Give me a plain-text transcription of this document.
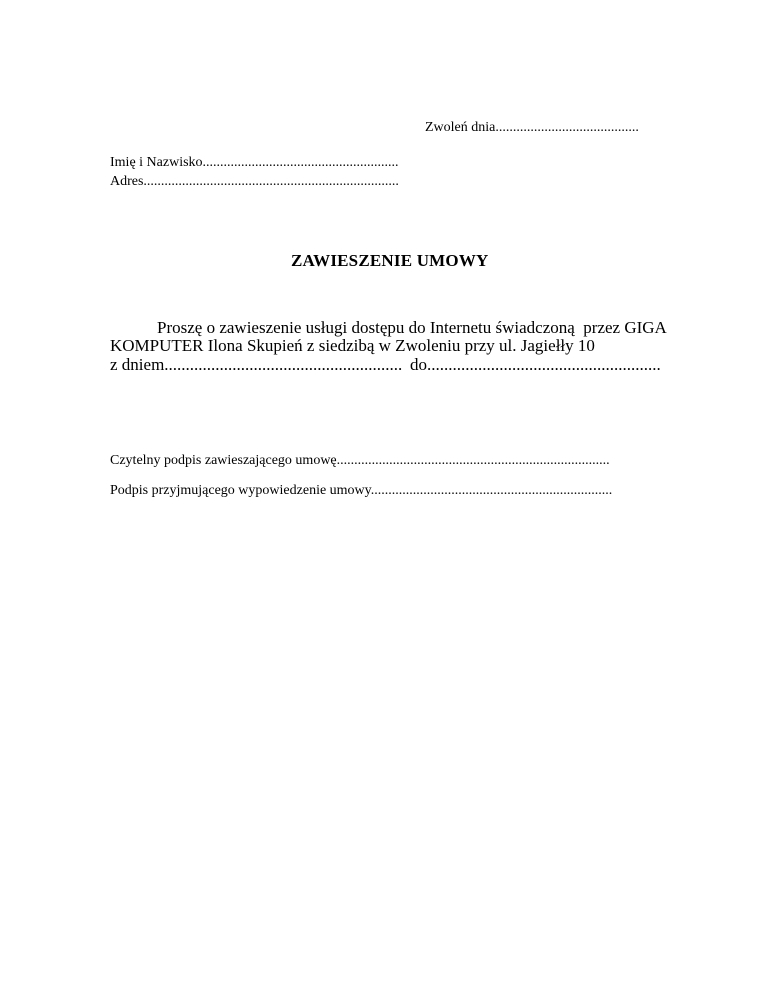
Zwoleń dnia.........................................
Imię i Nazwisko........................................................
Adres.........................................................................
ZAWIESZENIE UMOWY
Proszę o zawieszenie usługi dostępu do Internetu świadczoną  przez GIGA
KOMPUTER Ilona Skupień z siedzibą w Zwoleniu przy ul. Jagiełły 10
z dniem........................................................ do.......................................................
Czytelny podpis zawieszającego umowę..............................................................................
Podpis przyjmującego wypowiedzenie umowy.....................................................................
